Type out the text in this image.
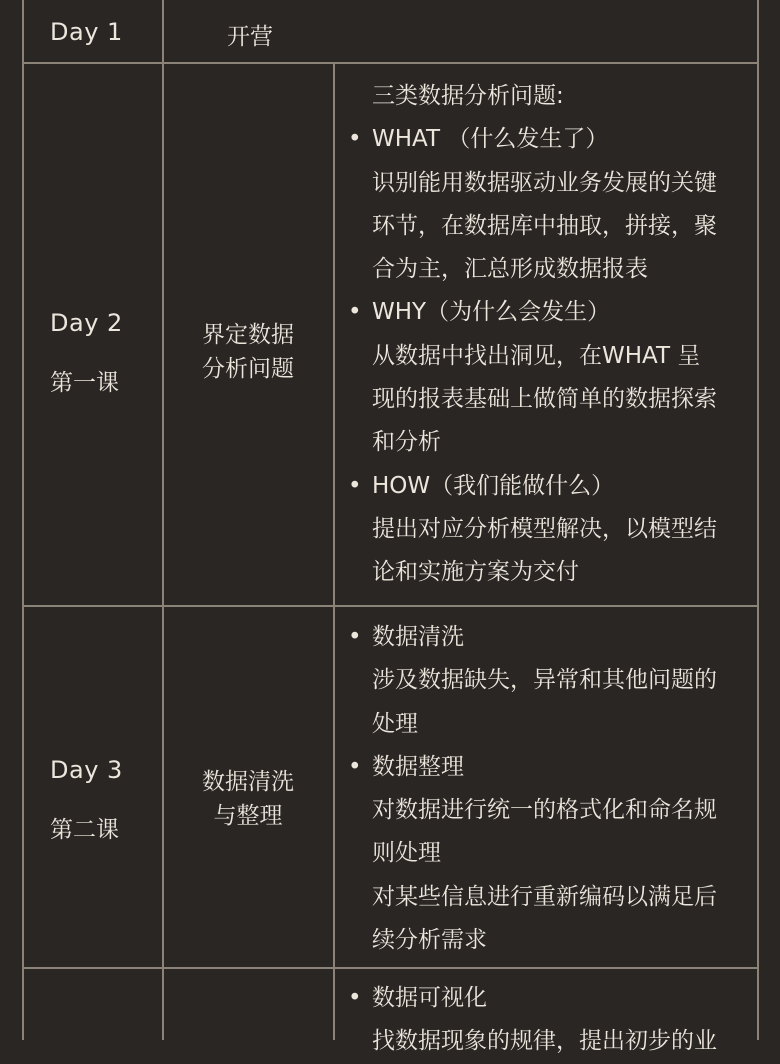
Day 1	开营
Day 2
第一课
界定数据
分析问题
三类数据分析问题:
• WHAT （什么发生了）
识别能用数据驱动业务发展的关键
环节，在数据库中抽取，拼接，聚
合为主，汇总形成数据报表
• WHY（为什么会发生）
从数据中找出洞见，在WHAT 呈
现的报表基础上做简单的数据探索
和分析
• HOW（我们能做什么）
提出对应分析模型解决，以模型结
论和实施方案为交付
Day 3
第二课
数据清洗
与整理
• 数据清洗
涉及数据缺失，异常和其他问题的
处理
• 数据整理
对数据进行统一的格式化和命名规
则处理
对某些信息进行重新编码以满足后
续分析需求
• 数据可视化
找数据现象的规律，提出初步的业
